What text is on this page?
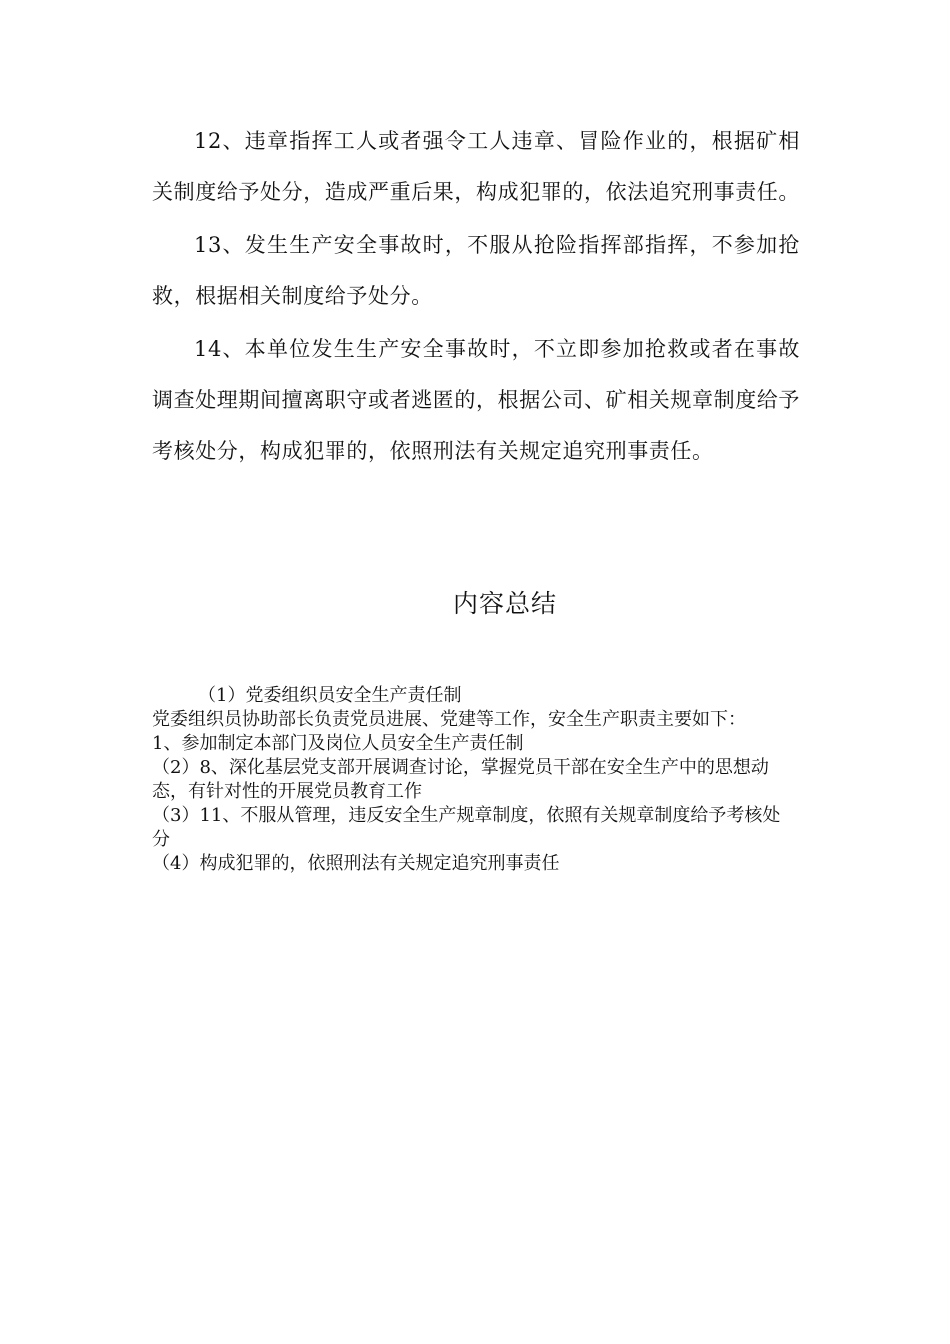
12、违章指挥工人或者强令工人违章、冒险作业的，根据矿相关制度给予处分，造成严重后果，构成犯罪的，依法追究刑事责任。

13、发生生产安全事故时，不服从抢险指挥部指挥，不参加抢救，根据相关制度给予处分。

14、本单位发生生产安全事故时，不立即参加抢救或者在事故调查处理期间擅离职守或者逃匿的，根据公司、矿相关规章制度给予考核处分，构成犯罪的，依照刑法有关规定追究刑事责任。

内容总结

（1）党委组织员安全生产责任制

党委组织员协助部长负责党员进展、党建等工作，安全生产职责主要如下：

1、参加制定本部门及岗位人员安全生产责任制

（2）8、深化基层党支部开展调查讨论，掌握党员干部在安全生产中的思想动态，有针对性的开展党员教育工作

（3）11、不服从管理，违反安全生产规章制度，依照有关规章制度给予考核处分

（4）构成犯罪的，依照刑法有关规定追究刑事责任
